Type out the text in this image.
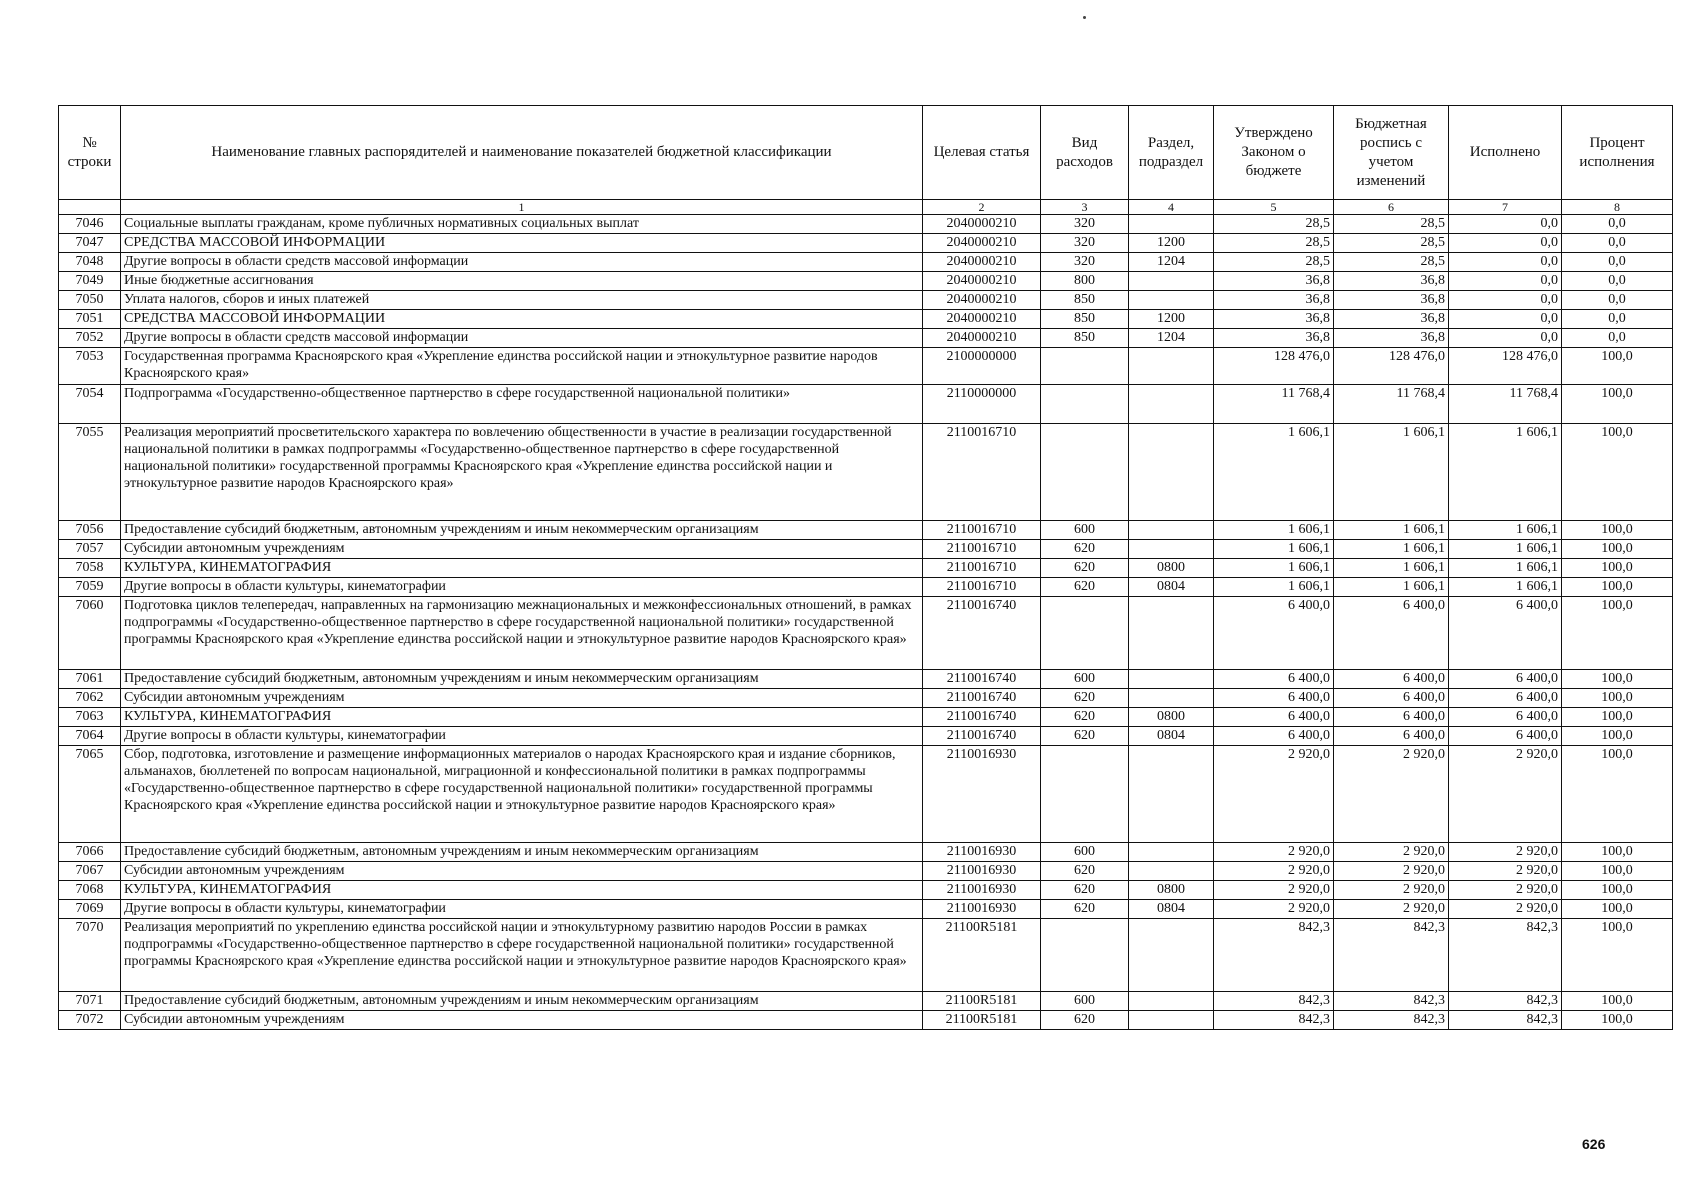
№ строки	Наименование главных распорядителей и наименование показателей бюджетной классификации	Целевая статья	Вид расходов	Раздел, подраздел	Утверждено Законом о бюджете	Бюджетная роспись с учетом изменений	Исполнено	Процент исполнения
	1	2	3	4	5	6	7	8
7046	Социальные выплаты гражданам, кроме публичных нормативных социальных выплат	2040000210	320		28,5	28,5	0,0	0,0
7047	СРЕДСТВА МАССОВОЙ ИНФОРМАЦИИ	2040000210	320	1200	28,5	28,5	0,0	0,0
7048	Другие вопросы в области средств массовой информации	2040000210	320	1204	28,5	28,5	0,0	0,0
7049	Иные бюджетные ассигнования	2040000210	800		36,8	36,8	0,0	0,0
7050	Уплата налогов, сборов и иных платежей	2040000210	850		36,8	36,8	0,0	0,0
7051	СРЕДСТВА МАССОВОЙ ИНФОРМАЦИИ	2040000210	850	1200	36,8	36,8	0,0	0,0
7052	Другие вопросы в области средств массовой информации	2040000210	850	1204	36,8	36,8	0,0	0,0
7053	Государственная программа Красноярского края «Укрепление единства российской нации и этнокультурное развитие народов Красноярского края»	2100000000			128 476,0	128 476,0	128 476,0	100,0
7054	Подпрограмма «Государственно-общественное партнерство в сфере государственной национальной политики»	2110000000			11 768,4	11 768,4	11 768,4	100,0
7055	Реализация мероприятий просветительского характера по вовлечению общественности в участие в реализации государственной национальной политики в рамках подпрограммы «Государственно-общественное партнерство в сфере государственной национальной политики» государственной программы Красноярского края «Укрепление единства российской нации и этнокультурное развитие народов Красноярского края»	2110016710			1 606,1	1 606,1	1 606,1	100,0
7056	Предоставление субсидий бюджетным, автономным учреждениям и иным некоммерческим организациям	2110016710	600		1 606,1	1 606,1	1 606,1	100,0
7057	Субсидии автономным учреждениям	2110016710	620		1 606,1	1 606,1	1 606,1	100,0
7058	КУЛЬТУРА, КИНЕМАТОГРАФИЯ	2110016710	620	0800	1 606,1	1 606,1	1 606,1	100,0
7059	Другие вопросы в области культуры, кинематографии	2110016710	620	0804	1 606,1	1 606,1	1 606,1	100,0
7060	Подготовка циклов телепередач, направленных на гармонизацию межнациональных и межконфессиональных отношений, в рамках подпрограммы «Государственно-общественное партнерство в сфере государственной национальной политики» государственной программы Красноярского края «Укрепление единства российской нации и этнокультурное развитие народов Красноярского края»	2110016740			6 400,0	6 400,0	6 400,0	100,0
7061	Предоставление субсидий бюджетным, автономным учреждениям и иным некоммерческим организациям	2110016740	600		6 400,0	6 400,0	6 400,0	100,0
7062	Субсидии автономным учреждениям	2110016740	620		6 400,0	6 400,0	6 400,0	100,0
7063	КУЛЬТУРА, КИНЕМАТОГРАФИЯ	2110016740	620	0800	6 400,0	6 400,0	6 400,0	100,0
7064	Другие вопросы в области культуры, кинематографии	2110016740	620	0804	6 400,0	6 400,0	6 400,0	100,0
7065	Сбор, подготовка, изготовление и размещение информационных материалов о народах Красноярского края и издание сборников, альманахов, бюллетеней по вопросам национальной, миграционной и конфессиональной политики в рамках подпрограммы «Государственно-общественное партнерство в сфере государственной национальной политики» государственной программы Красноярского края «Укрепление единства российской нации и этнокультурное развитие народов Красноярского края»	2110016930			2 920,0	2 920,0	2 920,0	100,0
7066	Предоставление субсидий бюджетным, автономным учреждениям и иным некоммерческим организациям	2110016930	600		2 920,0	2 920,0	2 920,0	100,0
7067	Субсидии автономным учреждениям	2110016930	620		2 920,0	2 920,0	2 920,0	100,0
7068	КУЛЬТУРА, КИНЕМАТОГРАФИЯ	2110016930	620	0800	2 920,0	2 920,0	2 920,0	100,0
7069	Другие вопросы в области культуры, кинематографии	2110016930	620	0804	2 920,0	2 920,0	2 920,0	100,0
7070	Реализация мероприятий по укреплению единства российской нации и этнокультурному развитию народов России в рамках подпрограммы «Государственно-общественное партнерство в сфере государственной национальной политики» государственной программы Красноярского края «Укрепление единства российской нации и этнокультурное развитие народов Красноярского края»	21100R5181			842,3	842,3	842,3	100,0
7071	Предоставление субсидий бюджетным, автономным учреждениям и иным некоммерческим организациям	21100R5181	600		842,3	842,3	842,3	100,0
7072	Субсидии автономным учреждениям	21100R5181	620		842,3	842,3	842,3	100,0
626
